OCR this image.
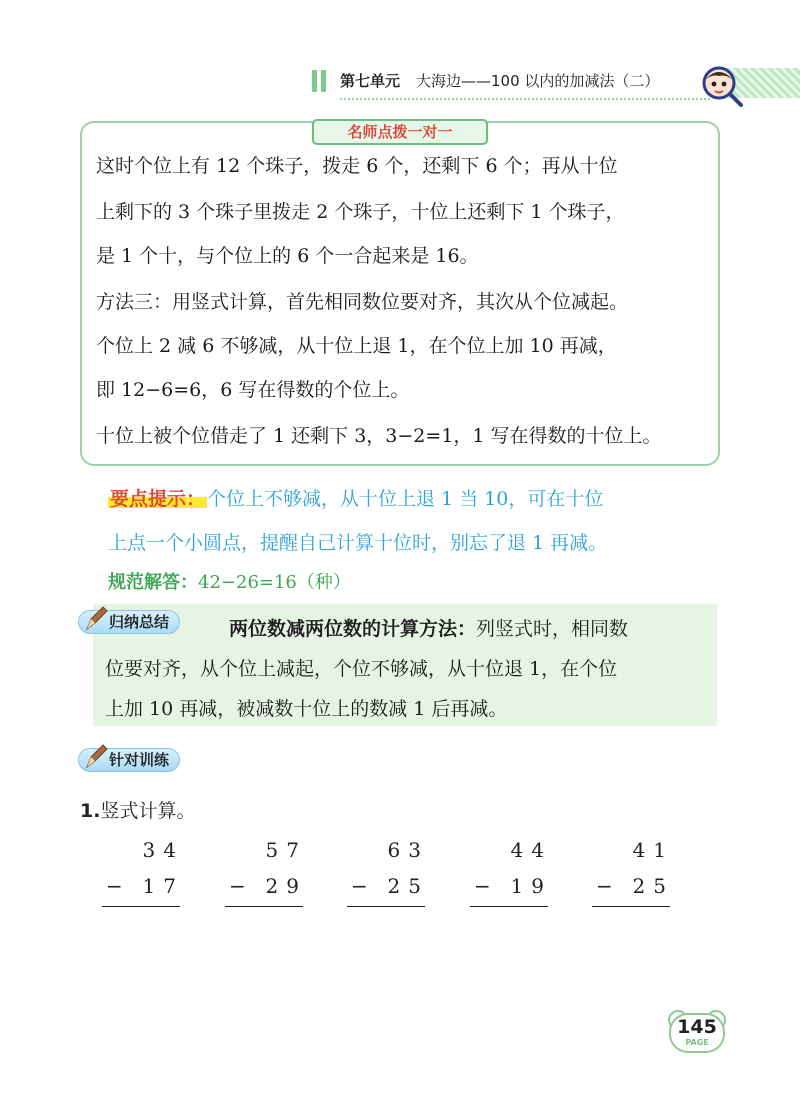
第七单元 大海边——100 以内的加减法（二）
名师点拨一对一
这时个位上有 12 个珠子，拨走 6 个，还剩下 6 个；再从十位
上剩下的 3 个珠子里拨走 2 个珠子，十位上还剩下 1 个珠子，
是 1 个十，与个位上的 6 个一合起来是 16。
方法三：用竖式计算，首先相同数位要对齐，其次从个位减起。
个位上 2 减 6 不够减，从十位上退 1，在个位上加 10 再减，
即 12−6=6，6 写在得数的个位上。
十位上被个位借走了 1 还剩下 3，3−2=1，1 写在得数的十位上。
要点提示： 个位上不够减，从十位上退 1 当 10，可在十位
上点一个小圆点，提醒自己计算十位时，别忘了退 1 再减。
规范解答：42−26=16（种）
两位数减两位数的计算方法：列竖式时，相同数
位要对齐，从个位上减起，个位不够减，从十位退 1，在个位
上加 10 再减，被减数十位上的数减 1 后再减。
归纳总结
针对训练
1.竖式计算。
34
− 17
57
− 29
63
− 25
44
− 19
41
− 25
145
PAGE
